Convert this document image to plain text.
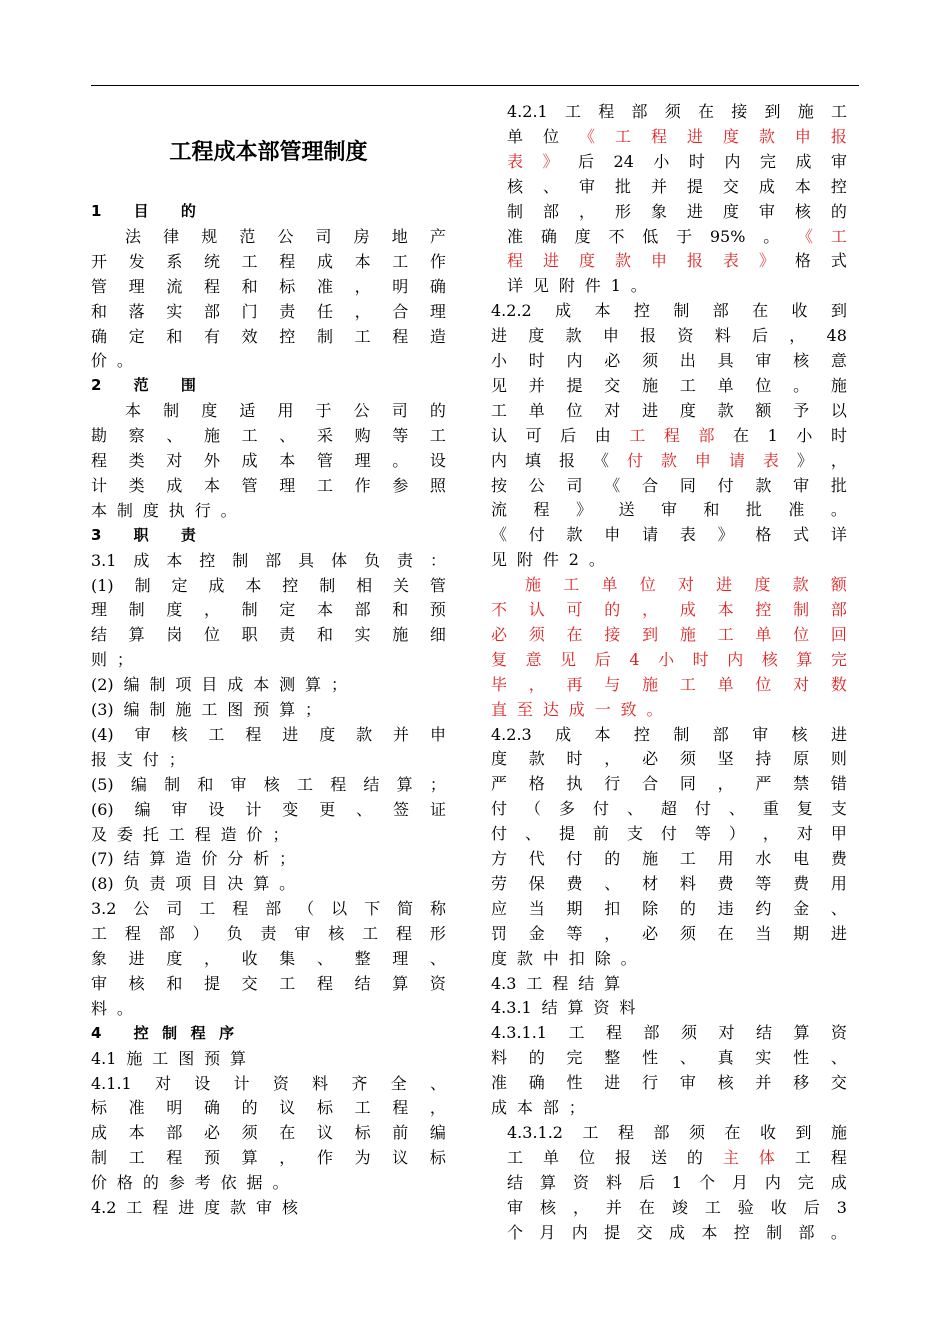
工程成本部管理制度
1 目 的
法 律 规 范 公 司 房 地 产
开 发 系 统 工 程 成 本 工 作
管 理 流 程 和 标 准 ， 明 确
和 落 实 部 门 责 任 ， 合 理
确 定 和 有 效 控 制 工 程 造
价 。
2 范 围
本 制 度 适 用 于 公 司 的
勘 察 、 施 工 、 采 购 等 工
程 类 对 外 成 本 管 理 。 设
计 类 成 本 管 理 工 作 参 照
本 制 度 执 行 。
3 职 责
3.1 成 本 控 制 部 具 体 负 责 ：
(1) 制 定 成 本 控 制 相 关 管
理 制 度 ， 制 定 本 部 和 预
结 算 岗 位 职 责 和 实 施 细
则 ；
(2) 编 制 项 目 成 本 测 算 ；
(3) 编 制 施 工 图 预 算 ；
(4) 审 核 工 程 进 度 款 并 申
报 支 付 ；
(5) 编 制 和 审 核 工 程 结 算 ；
(6) 编 审 设 计 变 更 、 签 证
及 委 托 工 程 造 价 ；
(7) 结 算 造 价 分 析 ；
(8) 负 责 项 目 决 算 。
3.2 公 司 工 程 部 （ 以 下 简 称
工 程 部 ） 负 责 审 核 工 程 形
象 进 度 ， 收 集 、 整 理 、
审 核 和 提 交 工 程 结 算 资
料 。
4 控制程序
4.1 施 工 图 预 算
4.1.1 对 设 计 资 料 齐 全 、
标 准 明 确 的 议 标 工 程 ，
成 本 部 必 须 在 议 标 前 编
制 工 程 预 算 ， 作 为 议 标
价 格 的 参 考 依 据 。
4.2 工 程 进 度 款 审 核
4.2.1 工 程 部 须 在 接 到 施 工
单 位 《 工 程 进 度 款 申 报
表 》 后 24 小 时 内 完 成 审
核 、 审 批 并 提 交 成 本 控
制 部 ， 形 象 进 度 审 核 的
准 确 度 不 低 于 95% 。 《 工
程 进 度 款 申 报 表 》 格 式
详 见 附 件 1 。
4.2.2 成 本 控 制 部 在 收 到
进 度 款 申 报 资 料 后 ， 48
小 时 内 必 须 出 具 审 核 意
见 并 提 交 施 工 单 位 。 施
工 单 位 对 进 度 款 额 予 以
认 可 后 由 工 程 部 在 1 小 时
内 填 报 《 付 款 申 请 表 》 ，
按 公 司 《 合 同 付 款 审 批
流 程 》 送 审 和 批 准 。
《 付 款 申 请 表 》 格 式 详
见 附 件 2 。
施 工 单 位 对 进 度 款 额
不 认 可 的 ， 成 本 控 制 部
必 须 在 接 到 施 工 单 位 回
复 意 见 后 4 小 时 内 核 算 完
毕 ， 再 与 施 工 单 位 对 数
直 至 达 成 一 致 。
4.2.3 成 本 控 制 部 审 核 进
度 款 时 ， 必 须 坚 持 原 则
严 格 执 行 合 同 ， 严 禁 错
付 （ 多 付 、 超 付 、 重 复 支
付 、 提 前 支 付 等 ） ， 对 甲
方 代 付 的 施 工 用 水 电 费
劳 保 费 、 材 料 费 等 费 用
应 当 期 扣 除 的 违 约 金 、
罚 金 等 ， 必 须 在 当 期 进
度 款 中 扣 除 。
4.3 工 程 结 算
4.3.1 结 算 资 料
4.3.1.1 工 程 部 须 对 结 算 资
料 的 完 整 性 、 真 实 性 、
准 确 性 进 行 审 核 并 移 交
成 本 部 ；
4.3.1.2 工 程 部 须 在 收 到 施
工 单 位 报 送 的 主 体 工 程
结 算 资 料 后 1 个 月 内 完 成
审 核 ， 并 在 竣 工 验 收 后 3
个 月 内 提 交 成 本 控 制 部 。
